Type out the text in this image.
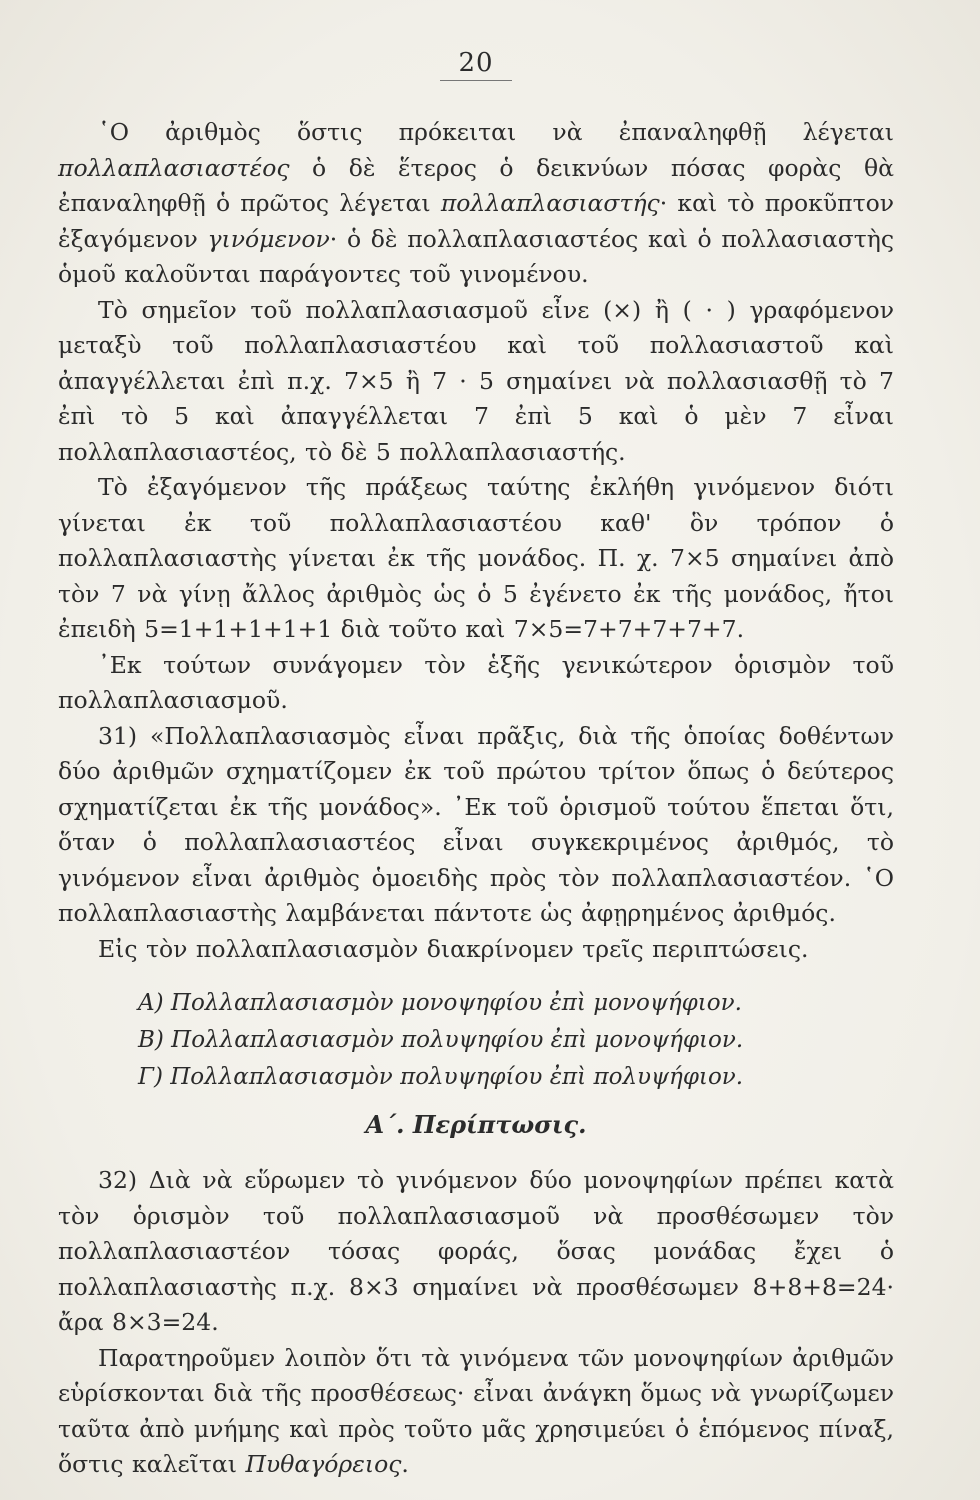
20

῾Ο ἀριθμὸς ὅστις πρόκειται νὰ ἐπαναληφθῇ λέγεται πολλαπλασιαστέος ὁ δὲ ἕτερος ὁ δεικνύων πόσας φορὰς θὰ ἐπαναληφθῇ ὁ πρῶτος λέγεται πολλαπλασιαστής· καὶ τὸ προκῦπτον ἐξαγόμενον γινόμενον· ὁ δὲ πολλαπλασιαστέος καὶ ὁ πολλασιαστὴς ὁμοῦ καλοῦνται παράγοντες τοῦ γινομένου.

Τὸ σημεῖον τοῦ πολλαπλασιασμοῦ εἶνε (×) ἢ ( · ) γραφόμενον μεταξὺ τοῦ πολλαπλασιαστέου καὶ τοῦ πολλασιαστοῦ καὶ ἀπαγγέλλεται ἐπὶ π.χ. 7×5 ἢ 7 · 5 σημαίνει νὰ πολλασιασθῇ τὸ 7 ἐπὶ τὸ 5 καὶ ἀπαγγέλλεται 7 ἐπὶ 5 καὶ ὁ μὲν 7 εἶναι πολλαπλασιαστέος, τὸ δὲ 5 πολλαπλασιαστής.

Τὸ ἐξαγόμενον τῆς πράξεως ταύτης ἐκλήθη γινόμενον διότι γίνεται ἐκ τοῦ πολλαπλασιαστέου καθ' ὃν τρόπον ὁ πολλαπλασιαστὴς γίνεται ἐκ τῆς μονάδος. Π. χ. 7×5 σημαίνει ἀπὸ τὸν 7 νὰ γίνῃ ἄλλος ἀριθμὸς ὡς ὁ 5 ἐγένετο ἐκ τῆς μονάδος, ἤτοι ἐπειδὴ 5=1+1+1+1+1 διὰ τοῦτο καὶ 7×5=7+7+7+7+7.

᾿Εκ τούτων συνάγομεν τὸν ἑξῆς γενικώτερον ὁρισμὸν τοῦ πολλαπλασιασμοῦ.

31) «Πολλαπλασιασμὸς εἶναι πρᾶξις, διὰ τῆς ὁποίας δοθέντων δύο ἀριθμῶν σχηματίζομεν ἐκ τοῦ πρώτου τρίτον ὅπως ὁ δεύτερος σχηματίζεται ἐκ τῆς μονάδος». ᾿Εκ τοῦ ὁρισμοῦ τούτου ἕπεται ὅτι, ὅταν ὁ πολλαπλασιαστέος εἶναι συγκεκριμένος ἀριθμός, τὸ γινόμενον εἶναι ἀριθμὸς ὁμοειδὴς πρὸς τὸν πολλαπλασιαστέον. ῾Ο πολλαπλασιαστὴς λαμβάνεται πάντοτε ὡς ἀφῃρημένος ἀριθμός.

Εἰς τὸν πολλαπλασιασμὸν διακρίνομεν τρεῖς περιπτώσεις.

Α) Πολλαπλασιασμὸν μονοψηφίου ἐπὶ μονοψήφιον.
Β) Πολλαπλασιασμὸν πολυψηφίου ἐπὶ μονοψήφιον.
Γ) Πολλαπλασιασμὸν πολυψηφίου ἐπὶ πολυψήφιον.
Α΄. Περίπτωσις.

32) Διὰ νὰ εὕρωμεν τὸ γινόμενον δύο μονοψηφίων πρέπει κατὰ τὸν ὁρισμὸν τοῦ πολλαπλασιασμοῦ νὰ προσθέσωμεν τὸν πολλαπλασιαστέον τόσας φοράς, ὅσας μονάδας ἔχει ὁ πολλαπλασιαστὴς π.χ. 8×3 σημαίνει νὰ προσθέσωμεν 8+8+8=24· ἄρα 8×3=24.

Παρατηροῦμεν λοιπὸν ὅτι τὰ γινόμενα τῶν μονοψηφίων ἀριθμῶν εὑρίσκονται διὰ τῆς προσθέσεως· εἶναι ἀνάγκη ὅμως νὰ γνωρίζωμεν ταῦτα ἀπὸ μνήμης καὶ πρὸς τοῦτο μᾶς χρησιμεύει ὁ ἑπόμενος πίναξ, ὅστις καλεῖται Πυθαγόρειος.
